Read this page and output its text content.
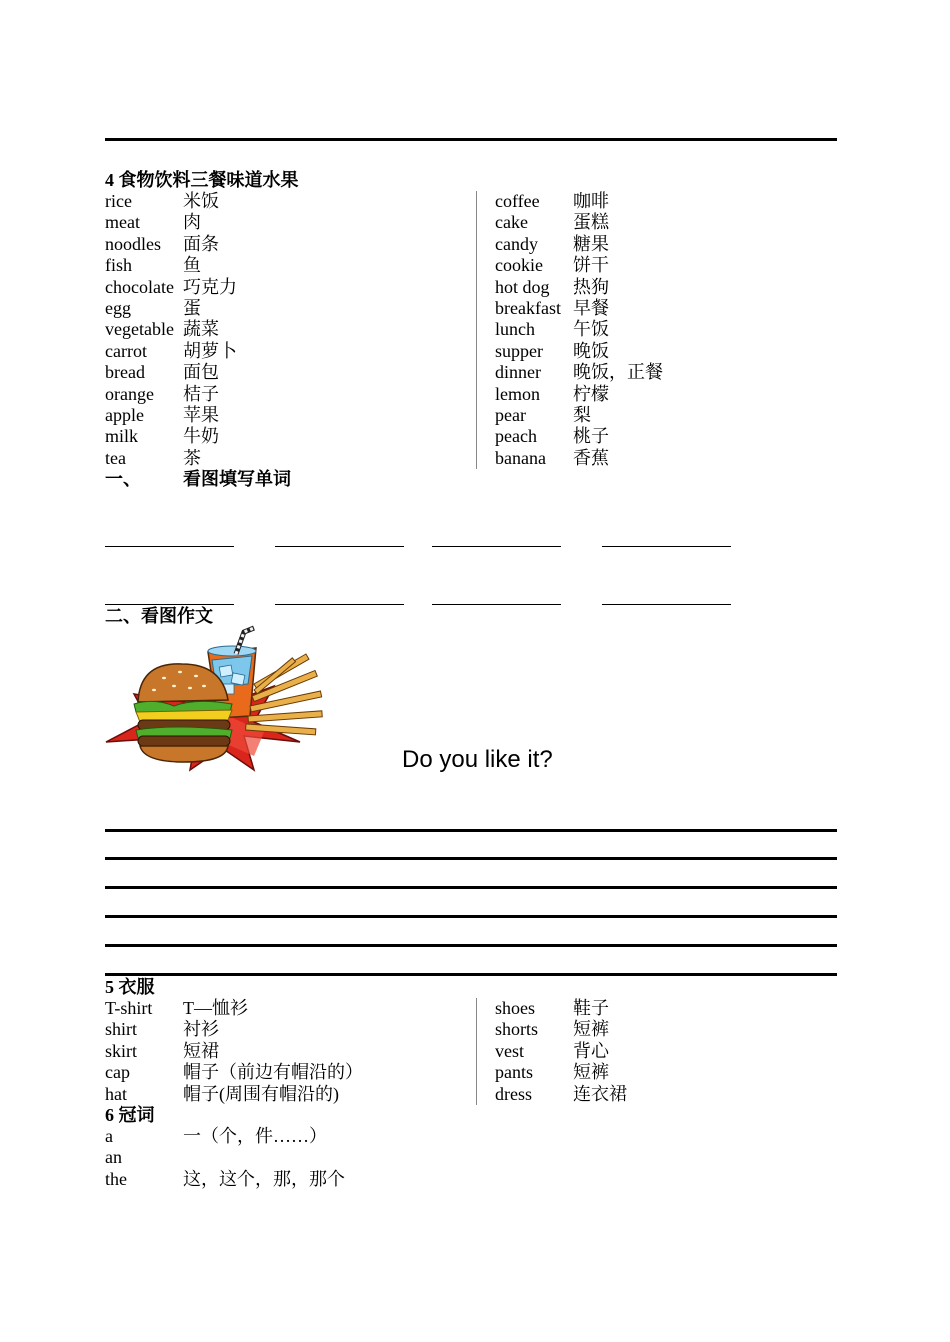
4 食物饮料三餐味道水果
rice	米饭
meat 肉
noodles 面条
fish	鱼
chocolate 巧克力
egg	蛋
vegetable 蔬菜
carrot 胡萝卜
bread 面包
orange 桔子
apple 苹果
milk 牛奶
tea	茶
coffee 咖啡
cake	蛋糕
candy 糖果
cookie 饼干
hot dog 热狗
breakfast 早餐
lunch 午饭
supper 晚饭
dinner 晚饭，正餐
lemon 柠檬
pear	梨
peach 桃子
banana 香蕉
一、 看图填写单词
二、看图作文
Do you like it?
5 衣服
T-shirt T—恤衫
shirt	衬衫
skirt	短裙
cap	帽子（前边有帽沿的）
hat	帽子(周围有帽沿的)
shoes 鞋子
shorts 短裤
vest	背心
pants 短裤
dress 连衣裙
6 冠词
a	一（个，件……）
an
the	这，这个，那，那个
